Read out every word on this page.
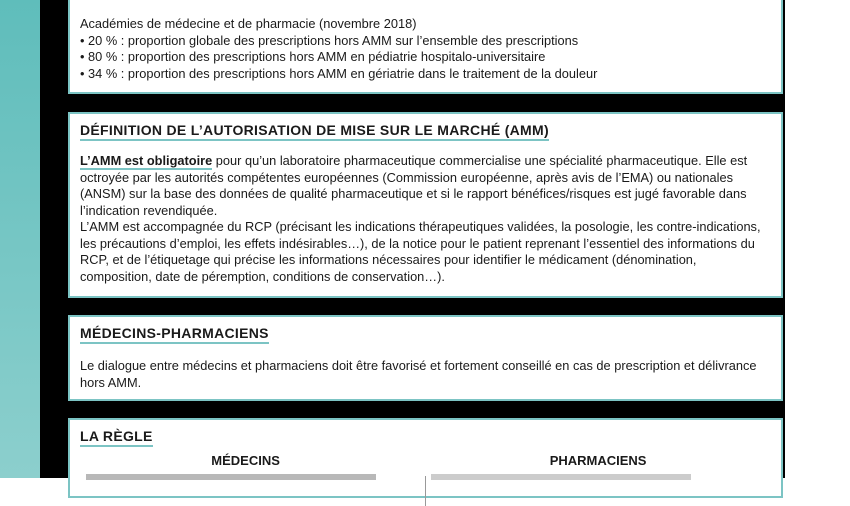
Académies de médecine et de pharmacie (novembre 2018)

• 20 % : proportion globale des prescriptions hors AMM sur l’ensemble des prescriptions

• 80 % : proportion des prescriptions hors AMM en pédiatrie hospitalo-universitaire

• 34 % : proportion des prescriptions hors AMM en gériatrie dans le traitement de la douleur

DÉFINITION DE L’AUTORISATION DE MISE SUR LE MARCHÉ (AMM)

L’AMM est obligatoire pour qu’un laboratoire pharmaceutique commercialise une spécialité pharmaceutique. Elle est octroyée par les autorités compétentes européennes (Commission européenne, après avis de l’EMA) ou nationales (ANSM) sur la base des données de qualité pharmaceutique et si le rapport bénéfices/risques est jugé favorable dans l’indication revendiquée.

L’AMM est accompagnée du RCP (précisant les indications thérapeutiques validées, la posologie, les contre-indications, les précautions d’emploi, les effets indésirables…), de la notice pour le patient reprenant l’essentiel des informations du RCP, et de l’étiquetage qui précise les informations nécessaires pour identifier le médicament (dénomination, composition, date de péremption, conditions de conservation…).

MÉDECINS-PHARMACIENS

Le dialogue entre médecins et pharmaciens doit être favorisé et fortement conseillé en cas de prescription et délivrance hors AMM.

LA RÈGLE
MÉDECINS	PHARMACIENS
